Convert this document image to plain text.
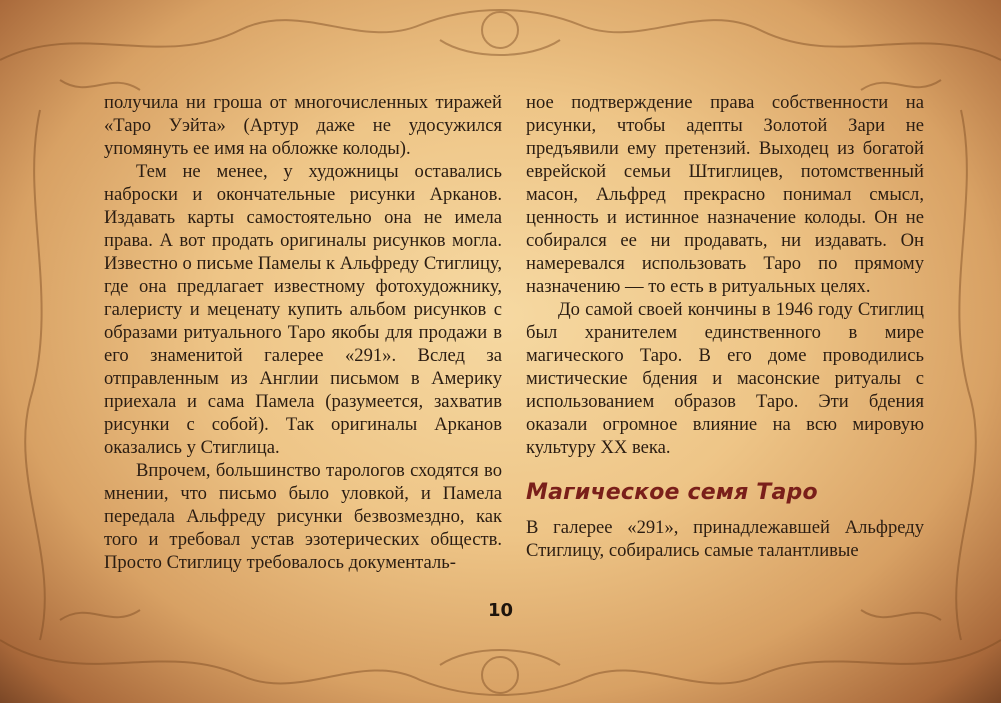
получила ни гроша от многочисленных тиражей «Таро Уэйта» (Артур даже не удосужился упомянуть ее имя на обложке колоды).

Тем не менее, у художницы оставались наброски и окончательные рисунки Арканов. Издавать карты самостоятельно она не имела права. А вот продать оригиналы рисунков могла. Известно о письме Памелы к Альфреду Стиглицу, где она предлагает известному фотохудожнику, галеристу и меценату купить альбом рисунков с образами ритуального Таро якобы для продажи в его знаменитой галерее «291». Вслед за отправленным из Англии письмом в Америку приехала и сама Памела (разумеется, захватив рисунки с собой). Так оригиналы Арканов оказались у Стиглица.

Впрочем, большинство тарологов сходятся во мнении, что письмо было уловкой, и Памела передала Альфреду рисунки безвозмездно, как того и требовал устав эзотерических обществ. Просто Стиглицу требовалось документаль-

ное подтверждение права собственности на рисунки, чтобы адепты Золотой Зари не предъявили ему претензий. Выходец из богатой еврейской семьи Штиглицев, потомственный масон, Альфред прекрасно понимал смысл, ценность и истинное назначение колоды. Он не собирался ее ни продавать, ни издавать. Он намеревался использовать Таро по прямому назначению — то есть в ритуальных целях.

До самой своей кончины в 1946 году Стиглиц был хранителем единственного в мире магического Таро. В его доме проводились мистические бдения и масонские ритуалы с использованием образов Таро. Эти бдения оказали огромное влияние на всю мировую культуру XX века.

Магическое семя Таро

В галерее «291», принадлежавшей Альфреду Стиглицу, собирались самые талантливые

10
